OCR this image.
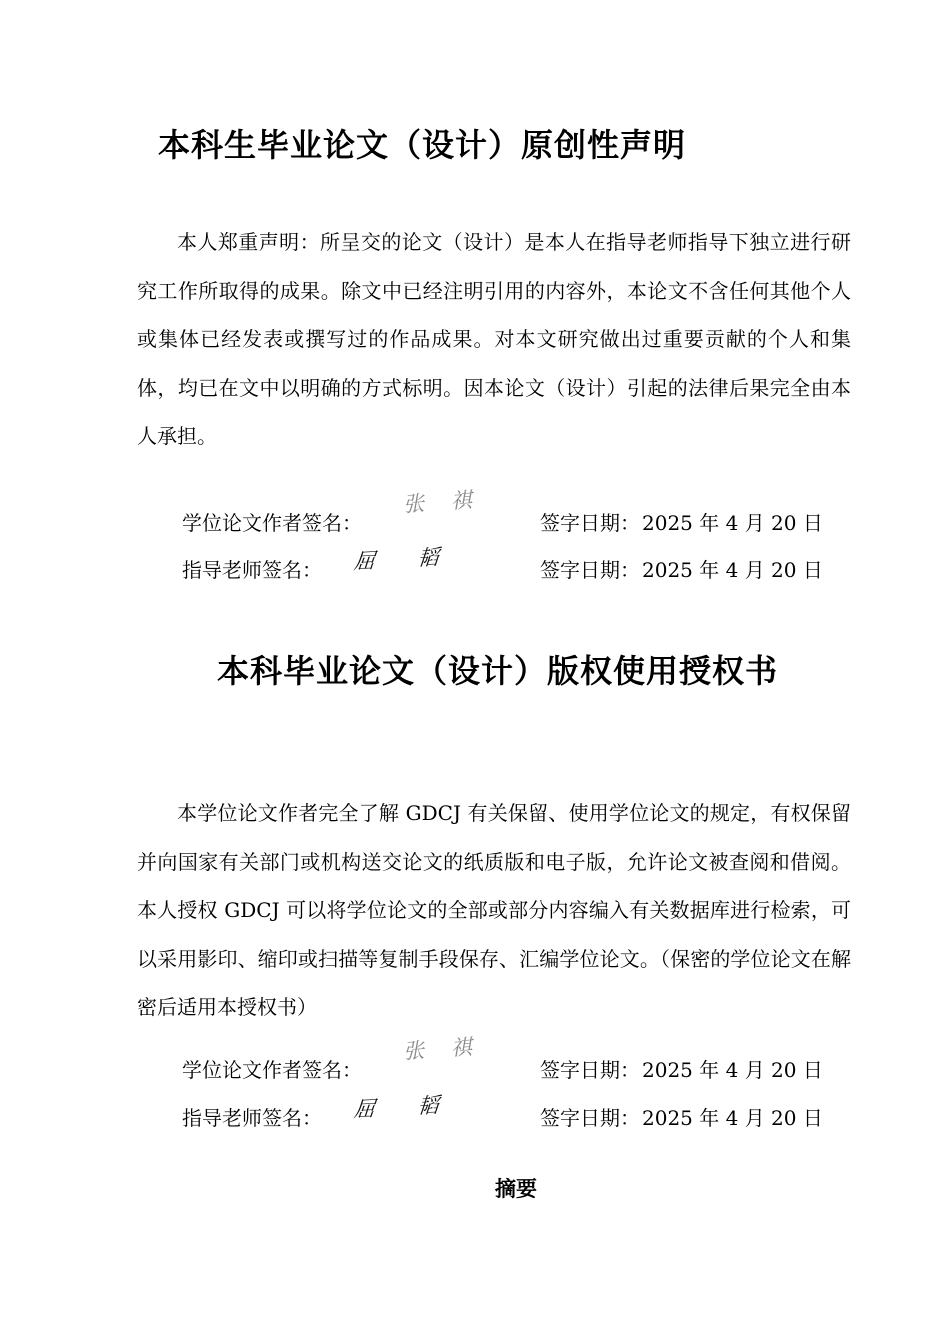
本科生毕业论文（设计）原创性声明

本人郑重声明：所呈交的论文（设计）是本人在指导老师指导下独立进行研究工作所取得的成果。除文中已经注明引用的内容外，本论文不含任何其他个人或集体已经发表或撰写过的作品成果。对本文研究做出过重要贡献的个人和集体，均已在文中以明确的方式标明。因本论文（设计）引起的法律后果完全由本人承担。

学位论文作者签名：
张 祺
签字日期： 2025 年 4 月 20 日
指导老师签名： 屈 韬	签字日期： 2025 年 4 月 20 日
本科毕业论文（设计）版权使用授权书

本学位论文作者完全了解 GDCJ 有关保留、使用学位论文的规定，有权保留并向国家有关部门或机构送交论文的纸质版和电子版，允许论文被查阅和借阅。本人授权 GDCJ 可以将学位论文的全部或部分内容编入有关数据库进行检索，可以采用影印、缩印或扫描等复制手段保存、汇编学位论文。（保密的学位论文在解密后适用本授权书）

学位论文作者签名：
张 祺
签字日期： 2025 年 4 月 20 日
指导老师签名： 屈 韬	签字日期： 2025 年 4 月 20 日
摘要
